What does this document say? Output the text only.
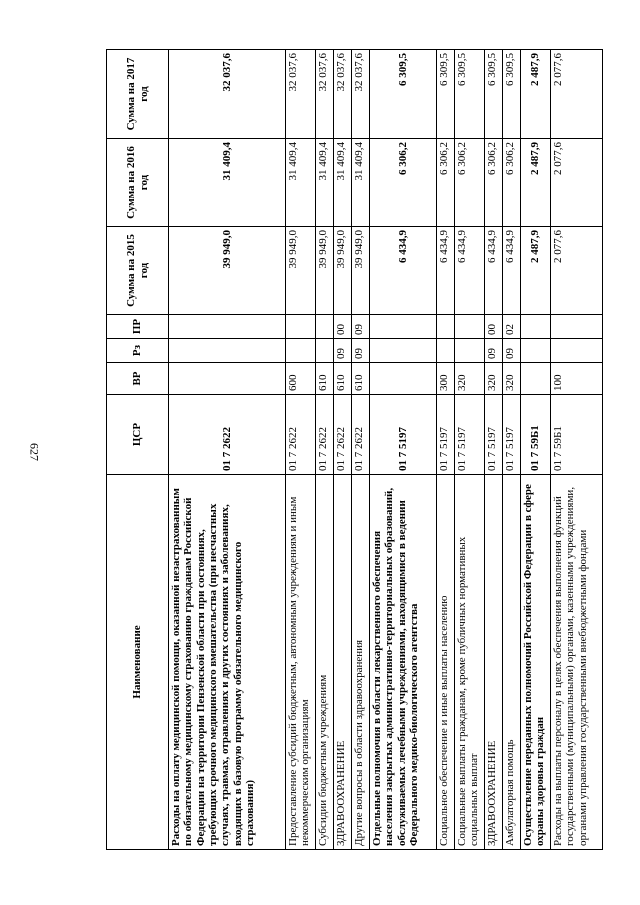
627
Наименование	ЦСР	ВР	Рз	ПР	Сумма на 2015 год	Сумма на 2016 год	Сумма на 2017 год
Расходы на оплату медицинской помощи, оказанной незастрахованным по обязательному медицинскому страхованию гражданам Российской Федерации на территории Пензенской области при состояниях, требующих срочного медицинского вмешательства (при несчастных случаях, травмах, отравлениях и других состояниях и заболеваниях, входящих в базовую программу обязательного медицинского страхования)	01 7 2622				39 949,0	31 409,4	32 037,6
Предоставление субсидий бюджетным, автономным учреждениям и иным некоммерческим организациям	01 7 2622	600			39 949,0	31 409,4	32 037,6
Субсидии бюджетным учреждениям	01 7 2622	610			39 949,0	31 409,4	32 037,6
ЗДРАВООХРАНЕНИЕ	01 7 2622	610	09	00	39 949,0	31 409,4	32 037,6
Другие вопросы в области здравоохранения	01 7 2622	610	09	09	39 949,0	31 409,4	32 037,6
Отдельные полномочия в области лекарственного обеспечения населения закрытых административно-территориальных образований, обслуживаемых лечебными учреждениями, находящимися в ведении Федерального медико-биологического агентства	01 7 5197				6 434,9	6 306,2	6 309,5
Социальное обеспечение и иные выплаты населению	01 7 5197	300			6 434,9	6 306,2	6 309,5
Социальные выплаты гражданам, кроме публичных нормативных социальных выплат	01 7 5197	320			6 434,9	6 306,2	6 309,5
ЗДРАВООХРАНЕНИЕ	01 7 5197	320	09	00	6 434,9	6 306,2	6 309,5
Амбулаторная помощь	01 7 5197	320	09	02	6 434,9	6 306,2	6 309,5
Осуществление переданных полномочий Российской Федерации в сфере охраны здоровья граждан	01 7 59Б1				2 487,9	2 487,9	2 487,9
Расходы на выплаты персоналу в целях обеспечения выполнения функций государственными (муниципальными) органами, казенными учреждениями, органами управления государственными внебюджетными фондами	01 7 59Б1	100			2 077,6	2 077,6	2 077,6
